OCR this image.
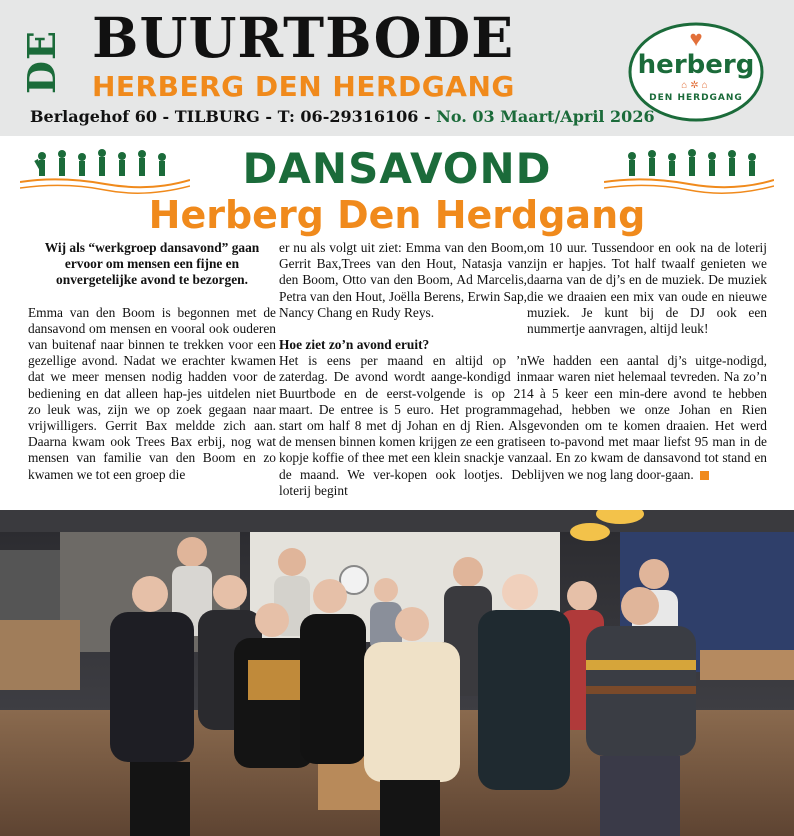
DE BUURTBODE
HERBERG DEN HERDGANG
Berlagehof 60 - TILBURG - T: 06-29316106 - No. 03 Maart/April 2026
♥
herberg
⌂✲⌂
DEN HERDGANG
DANSAVOND
Herberg Den Herdgang

Wij als “werkgroep dansavond” gaan ervoor om mensen een fijne en onvergetelijke avond te bezorgen.

Emma van den Boom is begonnen met de dansavond om mensen en vooral ook ouderen van buitenaf naar binnen te trekken voor een gezellige avond. Nadat we erachter kwamen dat we meer mensen nodig hadden voor de bediening en dat alleen hap-jes uitdelen niet zo leuk was, zijn we op zoek gegaan naar vrijwilligers. Gerrit Bax meldde zich aan. Daarna kwam ook Trees Bax erbij, nog wat mensen van familie van den Boom en zo kwamen we tot een groep die

er nu als volgt uit ziet: Emma van den Boom, Gerrit Bax,Trees van den Hout, Natasja van den Boom, Otto van den Boom, Ad Marcelis, Petra van den Hout, Joëlla Berens, Erwin Sap, Nancy Chang en Rudy Reys.

Hoe ziet zo’n avond eruit?

Het is eens per maand en altijd op ’n zaterdag. De avond wordt aange-kondigd in Buurtbode en de eerst-volgende is op 21 maart. De entree is 5 euro. Het programma start om half 8 met dj Johan en dj Rien. Als de mensen binnen komen krijgen ze een gratis kopje koffie of thee met een klein snackje van de maand. We ver-kopen ook lootjes. De loterij begint

om 10 uur. Tussendoor en ook na de loterij zijn er hapjes. Tot half twaalf genieten we daarna van de dj’s en de muziek. De muziek die we draaien een mix van oude en nieuwe muziek. Je kunt bij de DJ ook een nummertje aanvragen, altijd leuk!

We hadden een aantal dj’s uitge-nodigd, maar waren niet helemaal tevreden. Na zo’n 4 à 5 keer een min-dere avond te hebben gehad, hebben we onze Johan en Rien gevonden om te komen draaien. Het werd een to-pavond met maar liefst 95 man in de zaal. En zo kwam de dansavond tot stand en blijven we nog lang door-gaan.
